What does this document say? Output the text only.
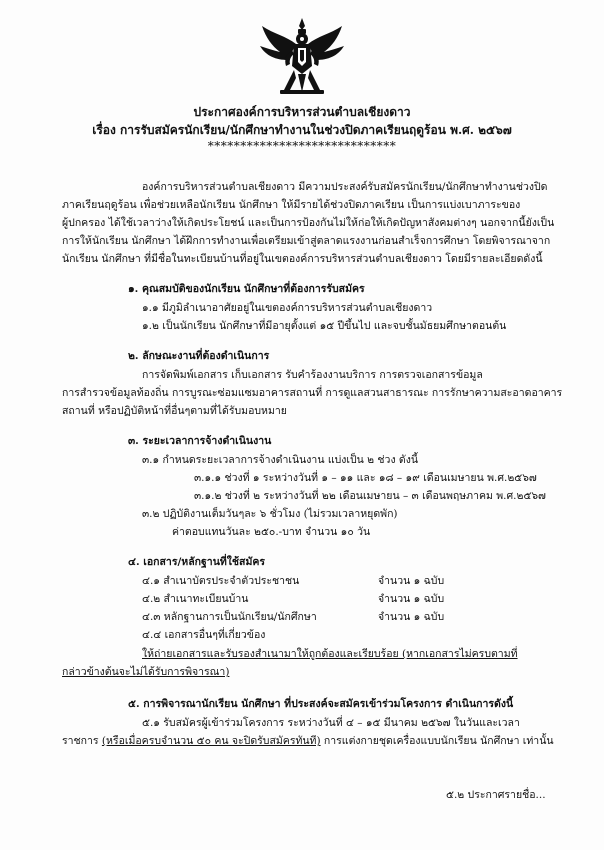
ประกาศองค์การบริหารส่วนตำบลเชียงดาว
เรื่อง การรับสมัครนักเรียน/นักศึกษาทำงานในช่วงปิดภาคเรียนฤดูร้อน พ.ศ. ๒๕๖๗
*****************************
องค์การบริหารส่วนตำบลเชียงดาว มีความประสงค์รับสมัครนักเรียน/นักศึกษาทำงานช่วงปิด
ภาคเรียนฤดูร้อน เพื่อช่วยเหลือนักเรียน นักศึกษา ให้มีรายได้ช่วงปิดภาคเรียน เป็นการแบ่งเบาภาระของ
ผู้ปกครอง ได้ใช้เวลาว่างให้เกิดประโยชน์ และเป็นการป้องกันไม่ให้ก่อให้เกิดปัญหาสังคมต่างๆ นอกจากนี้ยังเป็น
การให้นักเรียน นักศึกษา ได้ฝึกการทำงานเพื่อเตรียมเข้าสู่ตลาดแรงงานก่อนสำเร็จการศึกษา โดยพิจารณาจาก
นักเรียน นักศึกษา ที่มีชื่อในทะเบียนบ้านที่อยู่ในเขตองค์การบริหารส่วนตำบลเชียงดาว โดยมีรายละเอียดดังนี้
๑. คุณสมบัติของนักเรียน นักศึกษาที่ต้องการรับสมัคร
๑.๑ มีภูมิลำเนาอาศัยอยู่ในเขตองค์การบริหารส่วนตำบลเชียงดาว
๑.๒ เป็นนักเรียน นักศึกษาที่มีอายุตั้งแต่ ๑๕ ปีขึ้นไป และจบชั้นมัธยมศึกษาตอนต้น
๒. ลักษณะงานที่ต้องดำเนินการ
การจัดพิมพ์เอกสาร เก็บเอกสาร รับคำร้องงานบริการ การตรวจเอกสารข้อมูล
การสำรวจข้อมูลท้องถิ่น การบูรณะซ่อมแซมอาคารสถานที่ การดูแลสวนสาธารณะ การรักษาความสะอาดอาคาร
สถานที่ หรือปฏิบัติหน้าที่อื่นๆตามที่ได้รับมอบหมาย
๓. ระยะเวลาการจ้างดำเนินงาน
๓.๑ กำหนดระยะเวลาการจ้างดำเนินงาน แบ่งเป็น ๒ ช่วง ดังนี้
๓.๑.๑ ช่วงที่ ๑ ระหว่างวันที่ ๑ – ๑๑ และ ๑๘ – ๑๙ เดือนเมษายน พ.ศ.๒๕๖๗
๓.๑.๒ ช่วงที่ ๒ ระหว่างวันที่ ๒๒ เดือนเมษายน – ๓ เดือนพฤษภาคม พ.ศ.๒๕๖๗
๓.๒ ปฏิบัติงานเต็มวันๆละ ๖ ชั่วโมง (ไม่รวมเวลาหยุดพัก)
ค่าตอบแทนวันละ ๒๕๐.-บาท จำนวน ๑๐ วัน
๔. เอกสาร/หลักฐานที่ใช้สมัคร
๔.๑ สำเนาบัตรประจำตัวประชาชน	จำนวน ๑ ฉบับ
๔.๒ สำเนาทะเบียนบ้าน	จำนวน ๑ ฉบับ
๔.๓ หลักฐานการเป็นนักเรียน/นักศึกษา	จำนวน ๑ ฉบับ
๔.๔ เอกสารอื่นๆที่เกี่ยวข้อง
ให้ถ่ายเอกสารและรับรองสำเนามาให้ถูกต้องและเรียบร้อย (หากเอกสารไม่ครบตามที่
กล่าวข้างต้นจะไม่ได้รับการพิจารณา)
๕. การพิจารณานักเรียน นักศึกษา ที่ประสงค์จะสมัครเข้าร่วมโครงการ ดำเนินการดังนี้
๕.๑ รับสมัครผู้เข้าร่วมโครงการ ระหว่างวันที่ ๔ – ๑๕ มีนาคม ๒๕๖๗ ในวันและเวลา
ราชการ (หรือเมื่อครบจำนวน ๕๐ คน จะปิดรับสมัครทันที) การแต่งกายชุดเครื่องแบบนักเรียน นักศึกษา เท่านั้น
๕.๒ ประกาศรายชื่อ...
